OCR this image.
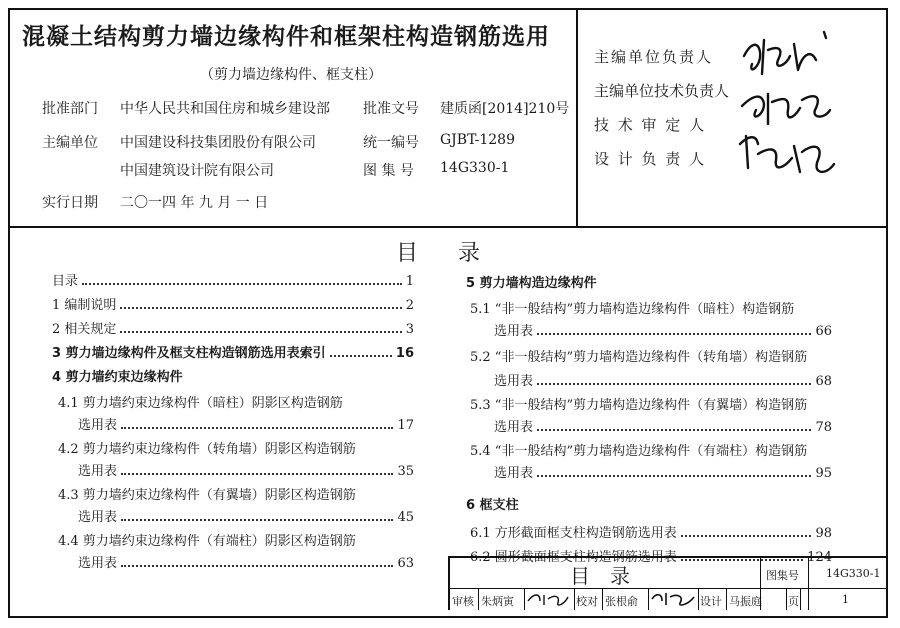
混凝土结构剪力墙边缘构件和框架柱构造钢筋选用
（剪力墙边缘构件、框支柱）
批准部门 中华人民共和国住房和城乡建设部 批准文号 建质函[2014]210号
主编单位 中国建设科技集团股份有限公司	统一编号 GJBT-1289
中国建筑设计院有限公司	图 集 号 14G330-1
实行日期 二〇一四 年 九 月 一 日
主编单位负责人
主编单位技术负责人
技 术 审 定 人
设 计 负 责 人
目 录
目录	1
1 编制说明	2
2 相关规定	3
3 剪力墙边缘构件及框支柱构造钢筋选用表索引	16
4 剪力墙约束边缘构件
4.1 剪力墙约束边缘构件（暗柱）阴影区构造钢筋
选用表	17
4.2 剪力墙约束边缘构件（转角墙）阴影区构造钢筋
选用表	35
4.3 剪力墙约束边缘构件（有翼墙）阴影区构造钢筋
选用表	45
4.4 剪力墙约束边缘构件（有端柱）阴影区构造钢筋
选用表	63
5 剪力墙构造边缘构件
5.1 “非一般结构”剪力墙构造边缘构件（暗柱）构造钢筋
选用表	66
5.2 “非一般结构”剪力墙构造边缘构件（转角墙）构造钢筋
选用表	68
5.3 “非一般结构”剪力墙构造边缘构件（有翼墙）构造钢筋
选用表	78
5.4 “非一般结构”剪力墙构造边缘构件（有端柱）构造钢筋
选用表	95
6 框支柱
6.1 方形截面框支柱构造钢筋选用表	98
6.2 圆形截面框支柱构造钢筋选用表	124
目　录	图集号 14G330-1
审核 朱炳寅	校对 张根俞	设计 马振庭 页	1
